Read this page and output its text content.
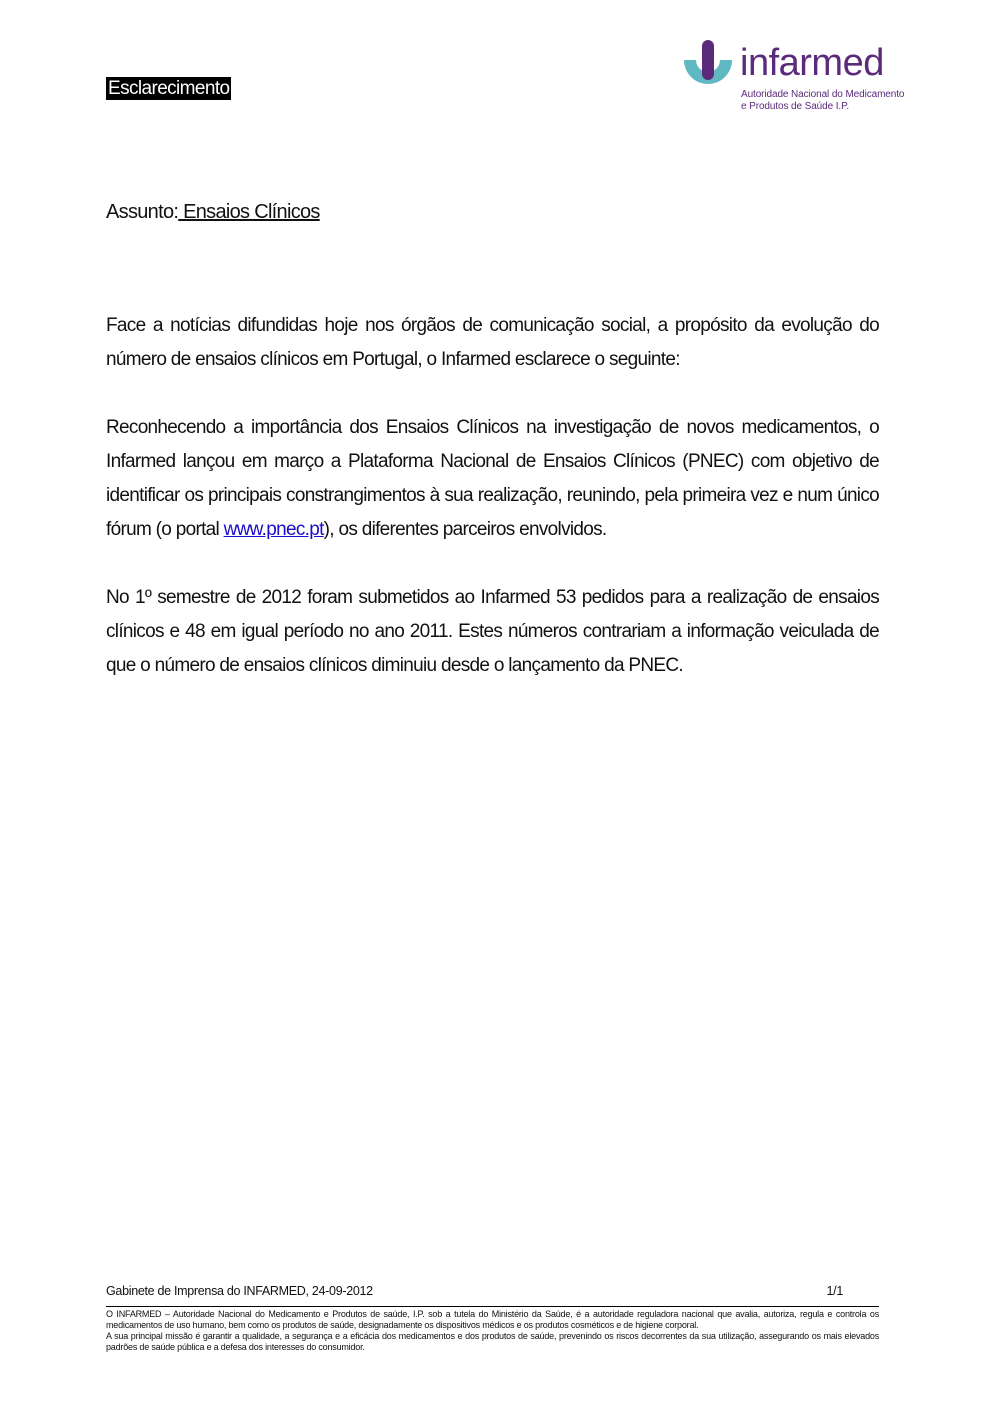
Esclarecimento
infarmed
Autoridade Nacional do Medicamento
e Produtos de Saúde I.P.
Assunto: Ensaios Clínicos

Face a notícias difundidas hoje nos órgãos de comunicação social, a propósito da evolução do número de ensaios clínicos em Portugal, o Infarmed esclarece o seguinte:

Reconhecendo a importância dos Ensaios Clínicos na investigação de novos medicamentos, o Infarmed lançou em março a Plataforma Nacional de Ensaios Clínicos (PNEC) com objetivo de identificar os principais constrangimentos à sua realização, reunindo, pela primeira vez e num único fórum (o portal www.pnec.pt), os diferentes parceiros envolvidos.

No 1º semestre de 2012 foram submetidos ao Infarmed 53 pedidos para a realização de ensaios clínicos e 48 em igual período no ano 2011. Estes números contrariam a informação veiculada de que o número de ensaios clínicos diminuiu desde o lançamento da PNEC.

Gabinete de Imprensa do INFARMED, 24-09-2012	1/1

O INFARMED – Autoridade Nacional do Medicamento e Produtos de saúde, I.P. sob a tutela do Ministério da Saúde, é a autoridade reguladora nacional que avalia, autoriza, regula e controla os medicamentos de uso humano, bem como os produtos de saúde, designadamente os dispositivos médicos e os produtos cosméticos e de higiene corporal.

A sua principal missão é garantir a qualidade, a segurança e a eficácia dos medicamentos e dos produtos de saúde, prevenindo os riscos decorrentes da sua utilização, assegurando os mais elevados padrões de saúde pública e a defesa dos interesses do consumidor.
